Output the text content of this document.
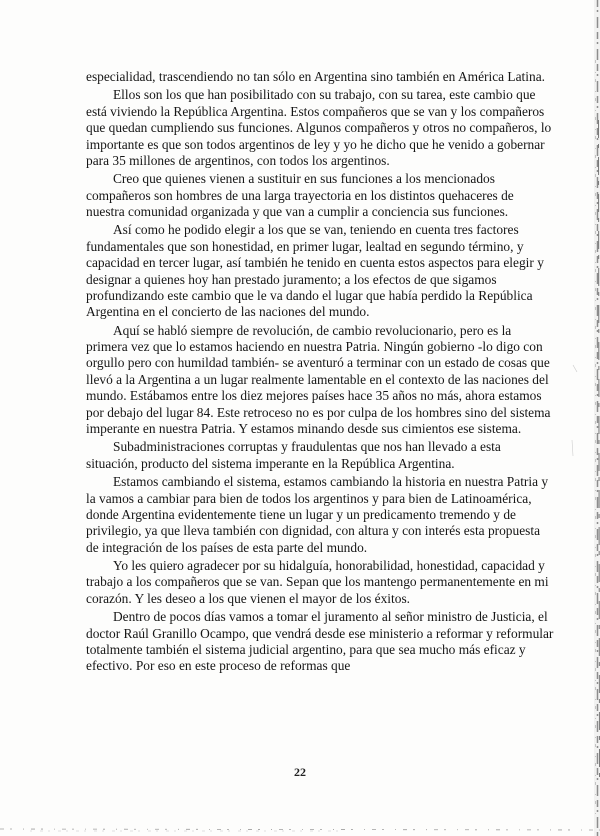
especialidad, trascendiendo no tan sólo en Argentina sino también en América Latina.

Ellos son los que han posibilitado con su trabajo, con su tarea, este cambio que está viviendo la República Argentina. Estos compañeros que se van y los compañeros que quedan cumpliendo sus funciones. Algunos compañeros y otros no compañeros, lo importante es que son todos argentinos de ley y yo he dicho que he venido a gobernar para 35 millones de argentinos, con todos los argentinos.

Creo que quienes vienen a sustituir en sus funciones a los mencionados compañeros son hombres de una larga trayectoria en los distintos quehaceres de nuestra comunidad organizada y que van a cumplir a conciencia sus funciones.

Así como he podido elegir a los que se van, teniendo en cuenta tres factores fundamentales que son honestidad, en primer lugar, lealtad en segundo término, y capacidad en tercer lugar, así también he tenido en cuenta estos aspectos para elegir y designar a quienes hoy han prestado juramento; a los efectos de que sigamos profundizando este cambio que le va dando el lugar que había perdido la República Argentina en el concierto de las naciones del mundo.

Aquí se habló siempre de revolución, de cambio revolucionario, pero es la primera vez que lo estamos haciendo en nuestra Patria. Ningún gobierno -lo digo con orgullo pero con humildad también- se aventuró a terminar con un estado de cosas que llevó a la Argentina a un lugar realmente lamentable en el contexto de las naciones del mundo. Estábamos entre los diez mejores países hace 35 años no más, ahora estamos por debajo del lugar 84. Este retroceso no es por culpa de los hombres sino del sistema imperante en nuestra Patria. Y estamos minando desde sus cimientos ese sistema.

Subadministraciones corruptas y fraudulentas que nos han llevado a esta situación, producto del sistema imperante en la República Argentina.

Estamos cambiando el sistema, estamos cambiando la historia en nuestra Patria y la vamos a cambiar para bien de todos los argentinos y para bien de Latinoamérica, donde Argentina evidentemente tiene un lugar y un predicamento tremendo y de privilegio, ya que lleva también con dignidad, con altura y con interés esta propuesta de integración de los países de esta parte del mundo.

Yo les quiero agradecer por su hidalguía, honorabilidad, honestidad, capacidad y trabajo a los compañeros que se van. Sepan que los mantengo permanentemente en mi corazón. Y les deseo a los que vienen el mayor de los éxitos.

Dentro de pocos días vamos a tomar el juramento al señor ministro de Justicia, el doctor Raúl Granillo Ocampo, que vendrá desde ese ministerio a reformar y reformular totalmente también el sistema judicial argentino, para que sea mucho más eficaz y efectivo. Por eso en este proceso de reformas que

22
